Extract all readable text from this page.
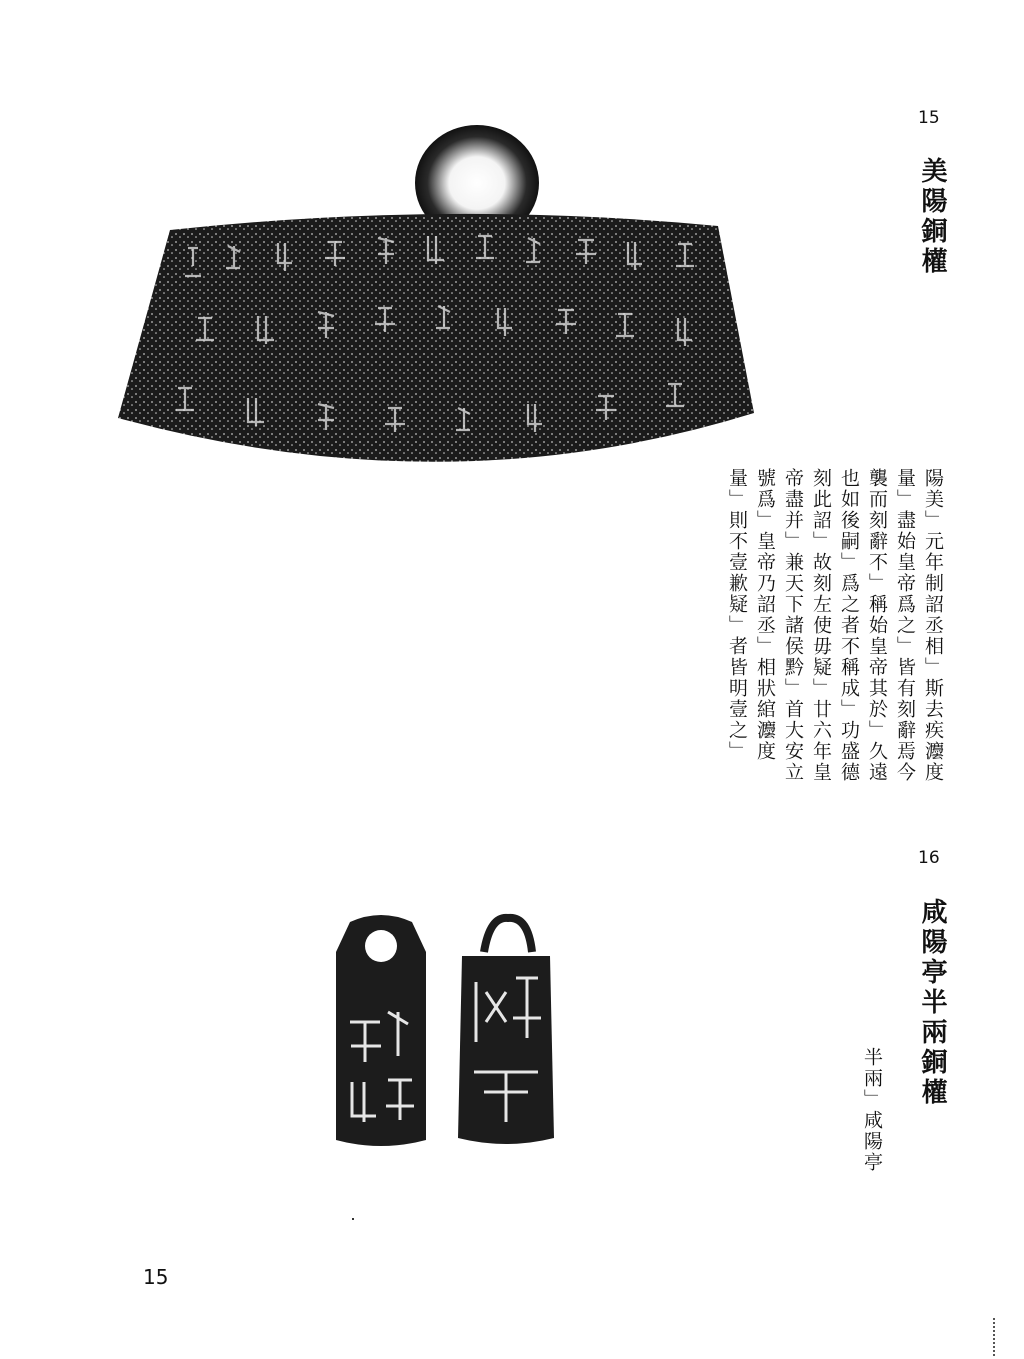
15
美陽銅權
陽美」元年制詔丞相」斯去疾灋度
量」盡始皇帝爲之」皆有刻辭焉今
襲而刻辭不」稱始皇帝其於」久遠
也如後嗣」爲之者不稱成」功盛德
刻此詔」故刻左使毋疑」廿六年皇
帝盡并」兼天下諸侯黔」首大安立
號爲」皇帝乃詔丞」相狀綰灋度
量」則不壹歉疑」者皆明壹之」
16
咸陽亭半兩銅權
半兩」咸陽亭
15
